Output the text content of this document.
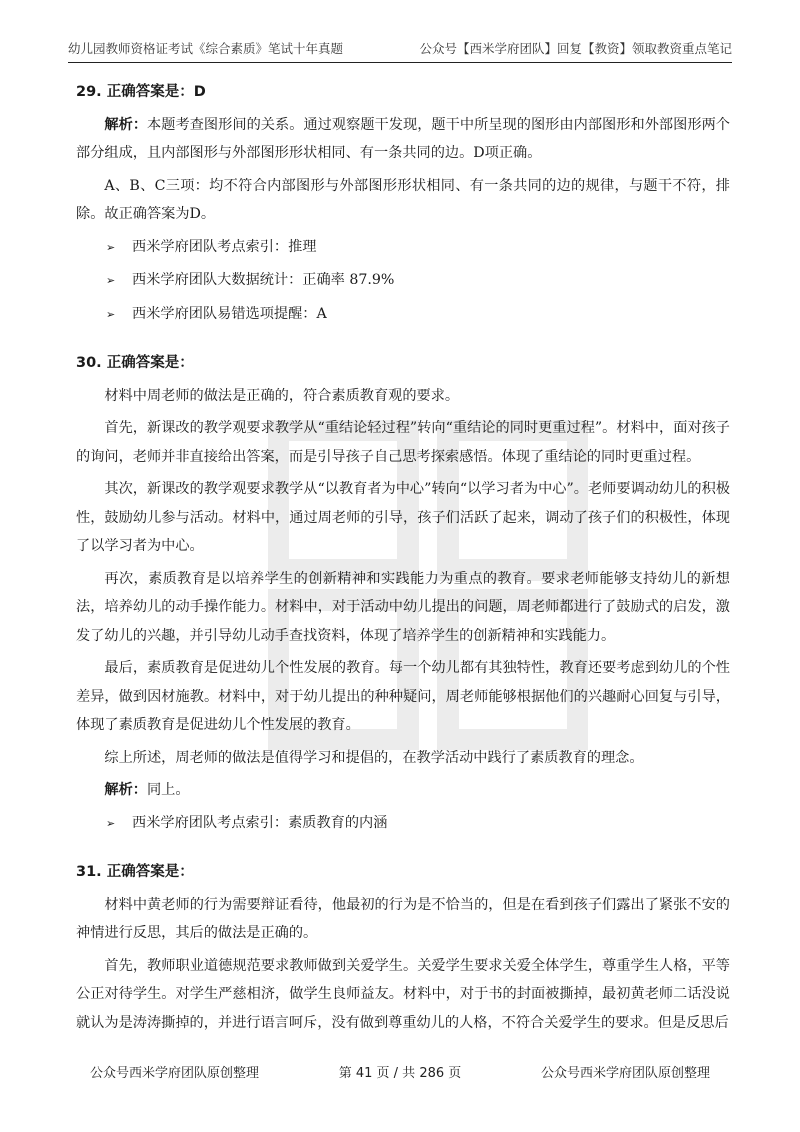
幼儿园教师资格证考试《综合素质》笔试十年真题	公众号【西米学府团队】回复【教资】领取教资重点笔记
29. 正确答案是：D

解析：本题考查图形间的关系。通过观察题干发现，题干中所呈现的图形由内部图形和外部图形两个部分组成，且内部图形与外部图形形状相同、有一条共同的边。D项正确。

A、B、C三项：均不符合内部图形与外部图形形状相同、有一条共同的边的规律，与题干不符，排除。故正确答案为D。

➢ 西米学府团队考点索引：推理
➢ 西米学府团队大数据统计：正确率 87.9%
➢ 西米学府团队易错选项提醒：A
30. 正确答案是：

材料中周老师的做法是正确的，符合素质教育观的要求。

首先，新课改的教学观要求教学从“重结论轻过程”转向“重结论的同时更重过程”。材料中，面对孩子的询问，老师并非直接给出答案，而是引导孩子自己思考探索感悟。体现了重结论的同时更重过程。

其次，新课改的教学观要求教学从“以教育者为中心”转向“以学习者为中心”。老师要调动幼儿的积极性，鼓励幼儿参与活动。材料中，通过周老师的引导，孩子们活跃了起来，调动了孩子们的积极性，体现了以学习者为中心。

再次，素质教育是以培养学生的创新精神和实践能力为重点的教育。要求老师能够支持幼儿的新想法，培养幼儿的动手操作能力。材料中，对于活动中幼儿提出的问题，周老师都进行了鼓励式的启发，激发了幼儿的兴趣，并引导幼儿动手查找资料，体现了培养学生的创新精神和实践能力。

最后，素质教育是促进幼儿个性发展的教育。每一个幼儿都有其独特性，教育还要考虑到幼儿的个性差异，做到因材施教。材料中，对于幼儿提出的种种疑问，周老师能够根据他们的兴趣耐心回复与引导，体现了素质教育是促进幼儿个性发展的教育。

综上所述，周老师的做法是值得学习和提倡的，在教学活动中践行了素质教育的理念。

解析：同上。

➢ 西米学府团队考点索引：素质教育的内涵
31. 正确答案是：

材料中黄老师的行为需要辩证看待，他最初的行为是不恰当的，但是在看到孩子们露出了紧张不安的神情进行反思，其后的做法是正确的。

首先，教师职业道德规范要求教师做到关爱学生。关爱学生要求关爱全体学生，尊重学生人格，平等公正对待学生。对学生严慈相济，做学生良师益友。材料中，对于书的封面被撕掉，最初黄老师二话没说就认为是涛涛撕掉的，并进行语言呵斥，没有做到尊重幼儿的人格，不符合关爱学生的要求。但是反思后

公众号西米学府团队原创整理	第 41 页 / 共 286 页	公众号西米学府团队原创整理
